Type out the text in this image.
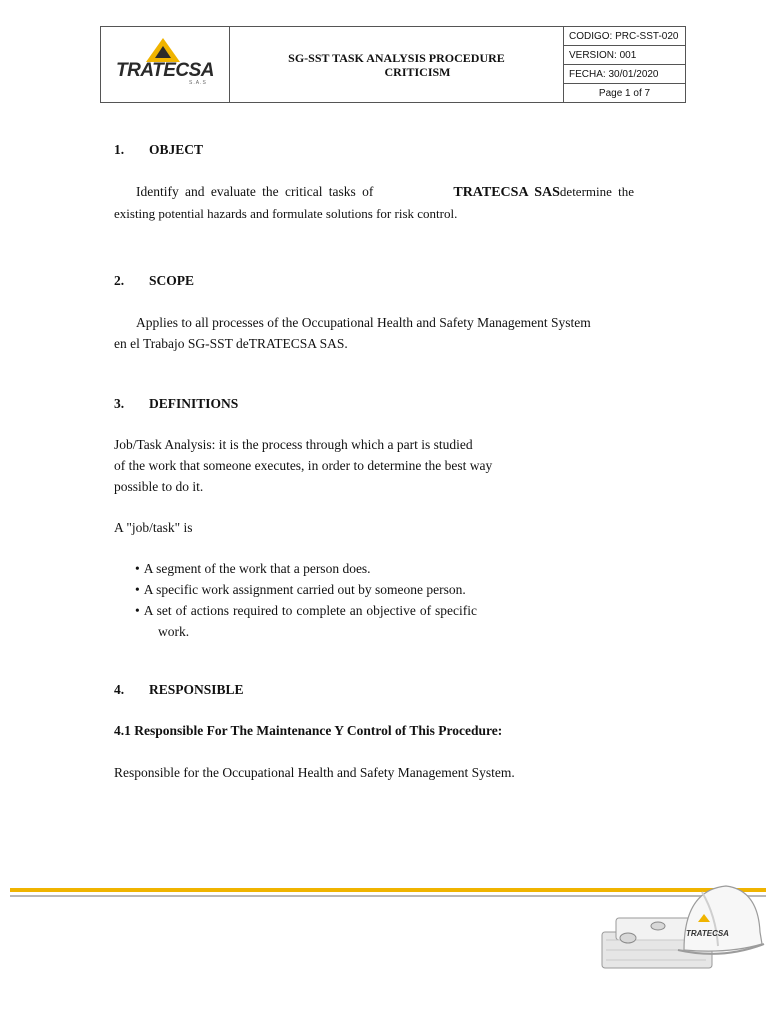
TRATECSA
S.A.S
SG-SST TASK ANALYSIS PROCEDURE
CRITICISM
CODIGO: PRC-SST-020
VERSION: 001
FECHA: 30/01/2020
Page 1 of 7
1.	OBJECT

Identify and evaluate the critical tasks of	TRATECSA SASdetermine the existing potential hazards and formulate solutions for risk control.

2.	SCOPE

Applies to all processes of the Occupational Health and Safety Management System

en el Trabajo SG-SST deTRATECSA SAS.

3.	DEFINITIONS

Job/Task Analysis: it is the process through which a part is studied

of the work that someone executes, in order to determine the best way

possible to do it.

A "job/task" is

• A segment of the work that a person does.
• A specific work assignment carried out by someone person.
• A set of actions required to complete an objective of specific work.
4.	RESPONSIBLE

4.1 Responsible For The Maintenance Y Control of This Procedure:

Responsible for the Occupational Health and Safety Management System.

TRATECSA
